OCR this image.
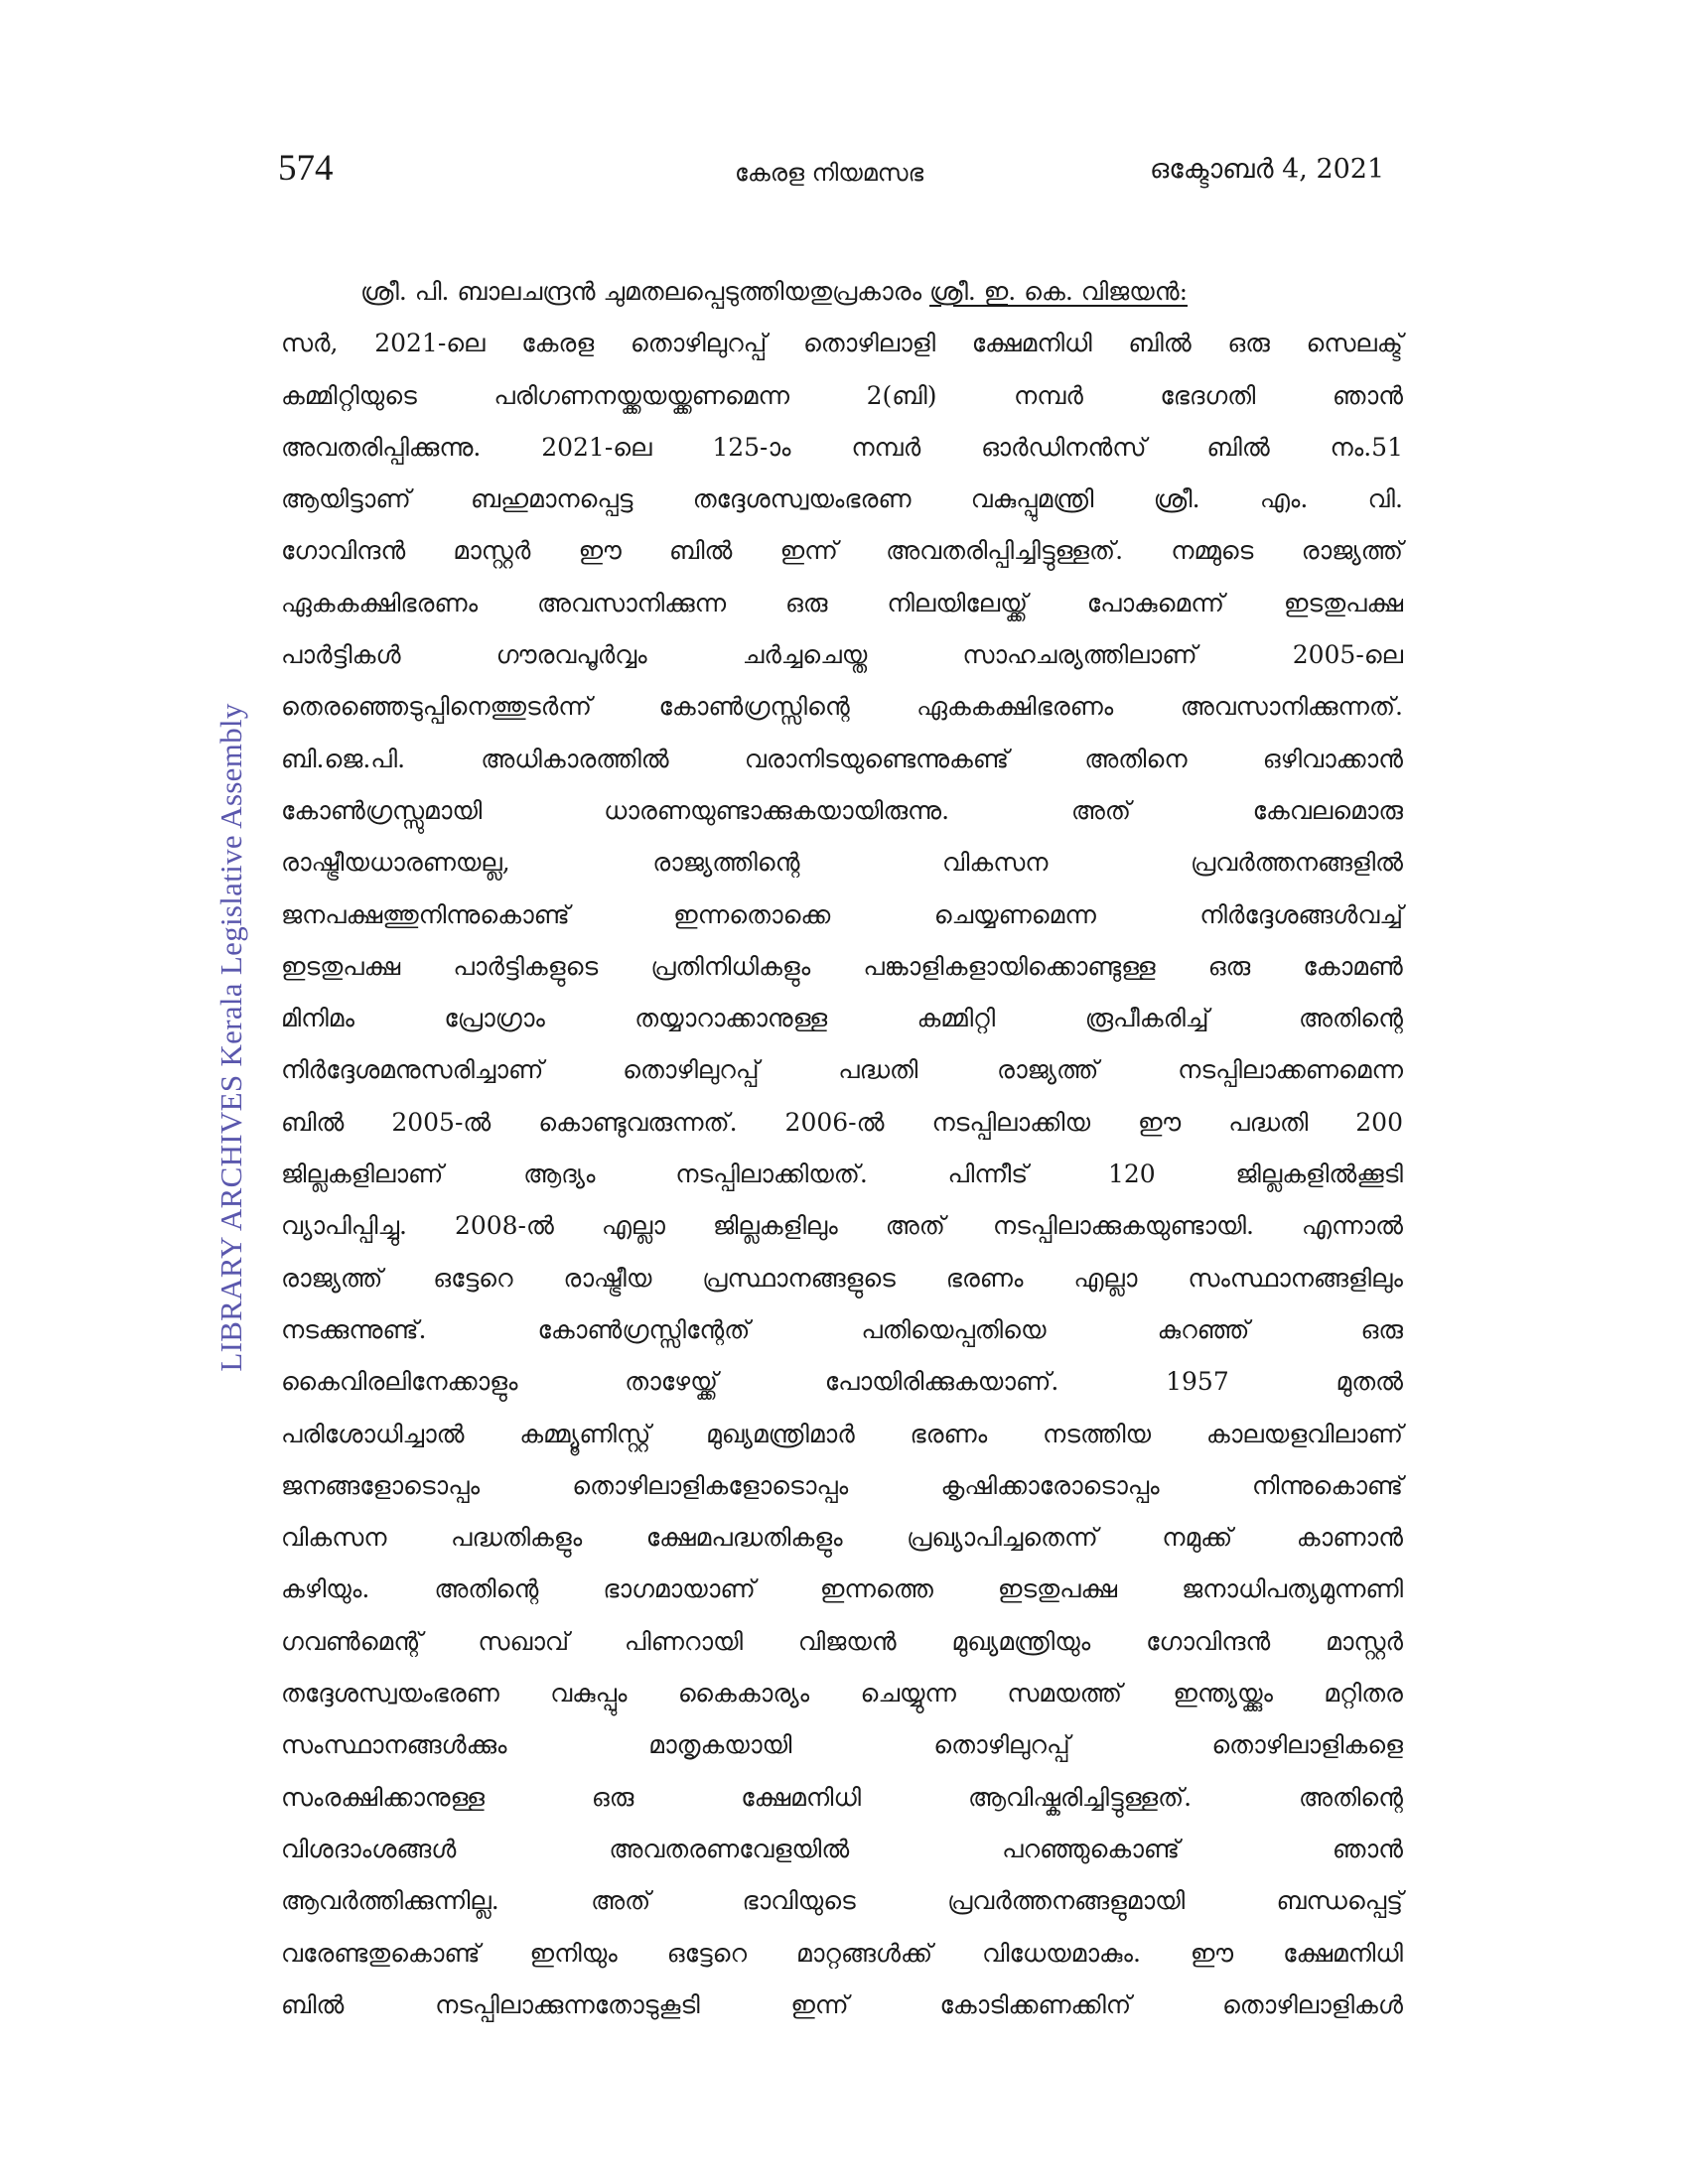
574	കേരള നിയമസഭ	ഒക്ടോബർ 4, 2021
LIBRARY ARCHIVES Kerala Legislative Assembly
ശ്രീ. പി. ബാലചന്ദ്രൻ ചുമതലപ്പെടുത്തിയതുപ്രകാരം ശ്രീ. ഇ. കെ. വിജയൻ:
സർ, 2021-ലെ കേരള തൊഴിലുറപ്പ് തൊഴിലാളി ക്ഷേമനിധി ബിൽ ഒരു സെലക്ട്
കമ്മിറ്റിയുടെ	പരിഗണനയ്ക്കയയ്ക്കണമെന്ന	2(ബി)	നമ്പർ	ഭേദഗതി	ഞാൻ
അവതരിപ്പിക്കുന്നു. 2021-ലെ 125-ാം നമ്പർ ഓർഡിനൻസ് ബിൽ നം.51
ആയിട്ടാണ് ബഹുമാനപ്പെട്ട തദ്ദേശസ്വയംഭരണ വകുപ്പുമന്ത്രി ശ്രീ. എം. വി.
ഗോവിന്ദൻ മാസ്റ്റർ ഈ ബിൽ ഇന്ന് അവതരിപ്പിച്ചിട്ടുള്ളത്. നമ്മുടെ രാജ്യത്ത്
ഏകകക്ഷിഭരണം അവസാനിക്കുന്ന ഒരു നിലയിലേയ്ക്ക് പോകുമെന്ന് ഇടതുപക്ഷ
പാർട്ടികൾ	ഗൗരവപൂർവ്വം	ചർച്ചചെയ്ത	സാഹചര്യത്തിലാണ്	2005-ലെ
തെരഞ്ഞെടുപ്പിനെത്തുടർന്ന്	കോൺഗ്രസ്സിന്റെ	ഏകകക്ഷിഭരണം	അവസാനിക്കുന്നത്.
ബി.ജെ.പി.	അധികാരത്തിൽ	വരാനിടയുണ്ടെന്നുകണ്ട്	അതിനെ	ഒഴിവാക്കാൻ
കോൺഗ്രസ്സുമായി	ധാരണയുണ്ടാക്കുകയായിരുന്നു.	അത്	കേവലമൊരു
രാഷ്ട്രീയധാരണയല്ല,	രാജ്യത്തിന്റെ	വികസന	പ്രവർത്തനങ്ങളിൽ
ജനപക്ഷത്തുനിന്നുകൊണ്ട്	ഇന്നതൊക്കെ	ചെയ്യണമെന്ന	നിർദ്ദേശങ്ങൾവച്ച്
ഇടതുപക്ഷ പാർട്ടികളുടെ പ്രതിനിധികളും പങ്കാളികളായിക്കൊണ്ടുള്ള ഒരു കോമൺ
മിനിമം	പ്രോഗ്രാം	തയ്യാറാക്കാനുള്ള	കമ്മിറ്റി	രൂപീകരിച്ച്	അതിന്റെ
നിർദ്ദേശമനുസരിച്ചാണ്	തൊഴിലുറപ്പ്	പദ്ധതി	രാജ്യത്ത്	നടപ്പിലാക്കണമെന്ന
ബിൽ 2005-ൽ കൊണ്ടുവരുന്നത്. 2006-ൽ നടപ്പിലാക്കിയ ഈ പദ്ധതി 200
ജില്ലകളിലാണ്	ആദ്യം	നടപ്പിലാക്കിയത്.	പിന്നീട്	120	ജില്ലകളിൽക്കൂടി
വ്യാപിപ്പിച്ചു. 2008-ൽ എല്ലാ ജില്ലകളിലും അത് നടപ്പിലാക്കുകയുണ്ടായി. എന്നാൽ
രാജ്യത്ത് ഒട്ടേറെ രാഷ്ട്രീയ പ്രസ്ഥാനങ്ങളുടെ ഭരണം എല്ലാ സംസ്ഥാനങ്ങളിലും
നടക്കുന്നുണ്ട്.	കോൺഗ്രസ്സിന്റേത്	പതിയെപ്പതിയെ	കുറഞ്ഞ്	ഒരു
കൈവിരലിനേക്കാളും	താഴേയ്ക്ക്	പോയിരിക്കുകയാണ്.	1957	മുതൽ
പരിശോധിച്ചാൽ കമ്മ്യൂണിസ്റ്റ് മുഖ്യമന്ത്രിമാർ ഭരണം നടത്തിയ കാലയളവിലാണ്
ജനങ്ങളോടൊപ്പം	തൊഴിലാളികളോടൊപ്പം	കൃഷിക്കാരോടൊപ്പം	നിന്നുകൊണ്ട്
വികസന	പദ്ധതികളും	ക്ഷേമപദ്ധതികളും	പ്രഖ്യാപിച്ചതെന്ന്	നമുക്ക്	കാണാൻ
കഴിയും.	അതിന്റെ	ഭാഗമായാണ്	ഇന്നത്തെ	ഇടതുപക്ഷ	ജനാധിപത്യമുന്നണി
ഗവൺമെന്റ് സഖാവ് പിണറായി വിജയൻ മുഖ്യമന്ത്രിയും ഗോവിന്ദൻ മാസ്റ്റർ
തദ്ദേശസ്വയംഭരണ വകുപ്പും കൈകാര്യം ചെയ്യുന്ന സമയത്ത് ഇന്ത്യയ്ക്കും മറ്റിതര
സംസ്ഥാനങ്ങൾക്കും	മാതൃകയായി	തൊഴിലുറപ്പ്	തൊഴിലാളികളെ
സംരക്ഷിക്കാനുള്ള	ഒരു	ക്ഷേമനിധി	ആവിഷ്കരിച്ചിട്ടുള്ളത്.	അതിന്റെ
വിശദാംശങ്ങൾ	അവതരണവേളയിൽ	പറഞ്ഞുകൊണ്ട്	ഞാൻ
ആവർത്തിക്കുന്നില്ല.	അത്	ഭാവിയുടെ	പ്രവർത്തനങ്ങളുമായി	ബന്ധപ്പെട്ട്
വരേണ്ടതുകൊണ്ട് ഇനിയും ഒട്ടേറെ മാറ്റങ്ങൾക്ക് വിധേയമാകും. ഈ ക്ഷേമനിധി
ബിൽ	നടപ്പിലാക്കുന്നതോടുകൂടി	ഇന്ന്	കോടിക്കണക്കിന്	തൊഴിലാളികൾ
